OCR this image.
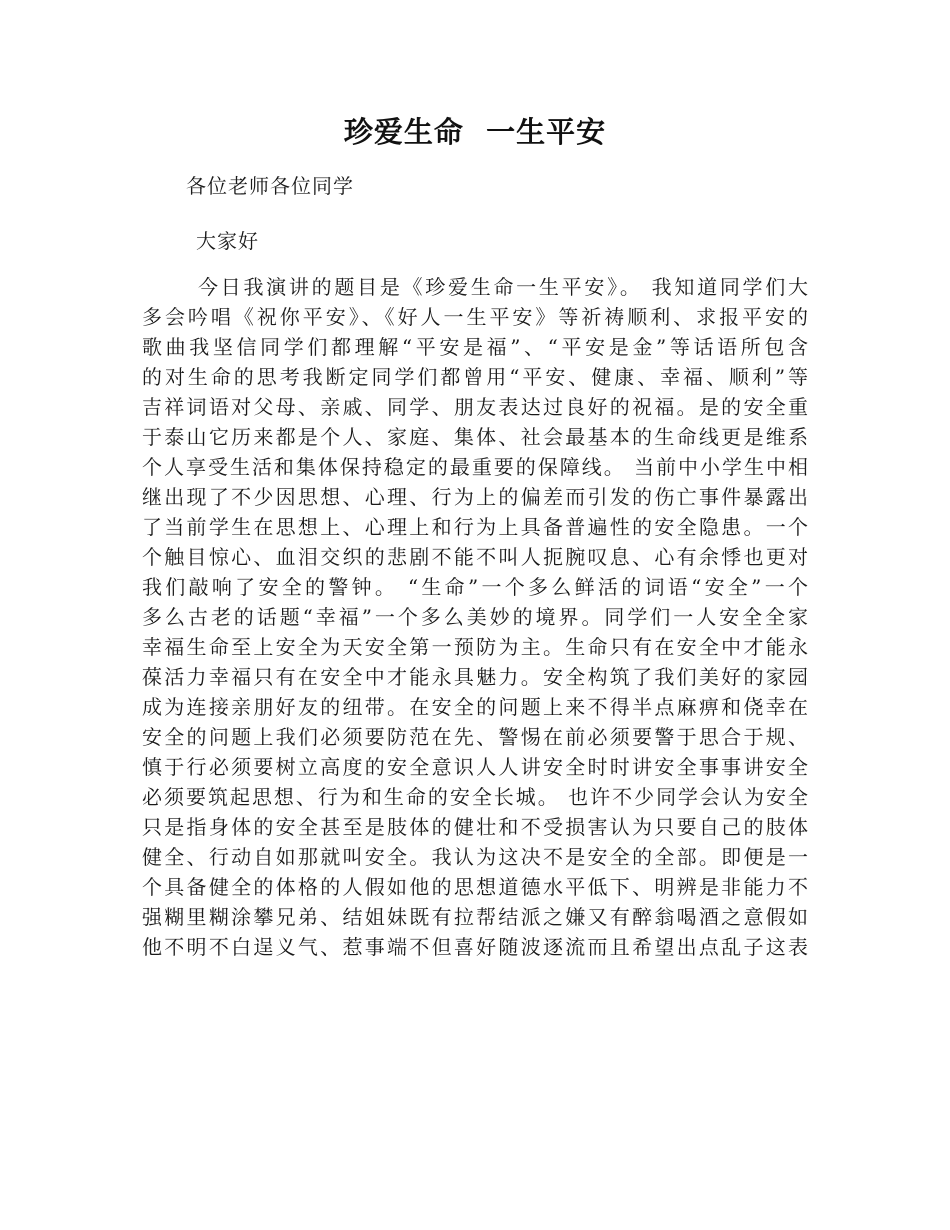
珍爱生命  一生平安
各位老师各位同学
大家好
今日我演讲的题目是《珍爱生命一生平安》。 我知道同学们大
多会吟唱《祝你平安》、《好人一生平安》等祈祷顺利、求报平安的
歌曲我坚信同学们都理解“平安是福”、“平安是金”等话语所包含
的对生命的思考我断定同学们都曾用“平安、健康、幸福、顺利”等
吉祥词语对父母、亲戚、同学、朋友表达过良好的祝福。是的安全重
于泰山它历来都是个人、家庭、集体、社会最基本的生命线更是维系
个人享受生活和集体保持稳定的最重要的保障线。 当前中小学生中相
继出现了不少因思想、心理、行为上的偏差而引发的伤亡事件暴露出
了当前学生在思想上、心理上和行为上具备普遍性的安全隐患。一个
个触目惊心、血泪交织的悲剧不能不叫人扼腕叹息、心有余悸也更对
我们敲响了安全的警钟。 “生命”一个多么鲜活的词语“安全”一个
多么古老的话题“幸福”一个多么美妙的境界。同学们一人安全全家
幸福生命至上安全为天安全第一预防为主。生命只有在安全中才能永
葆活力幸福只有在安全中才能永具魅力。安全构筑了我们美好的家园
成为连接亲朋好友的纽带。在安全的问题上来不得半点麻痹和侥幸在
安全的问题上我们必须要防范在先、警惕在前必须要警于思合于规、
慎于行必须要树立高度的安全意识人人讲安全时时讲安全事事讲安全
必须要筑起思想、行为和生命的安全长城。 也许不少同学会认为安全
只是指身体的安全甚至是肢体的健壮和不受损害认为只要自己的肢体
健全、行动自如那就叫安全。我认为这决不是安全的全部。即便是一
个具备健全的体格的人假如他的思想道德水平低下、明辨是非能力不
强糊里糊涂攀兄弟、结姐妹既有拉帮结派之嫌又有醉翁喝酒之意假如
他不明不白逞义气、惹事端不但喜好随波逐流而且希望出点乱子这表
